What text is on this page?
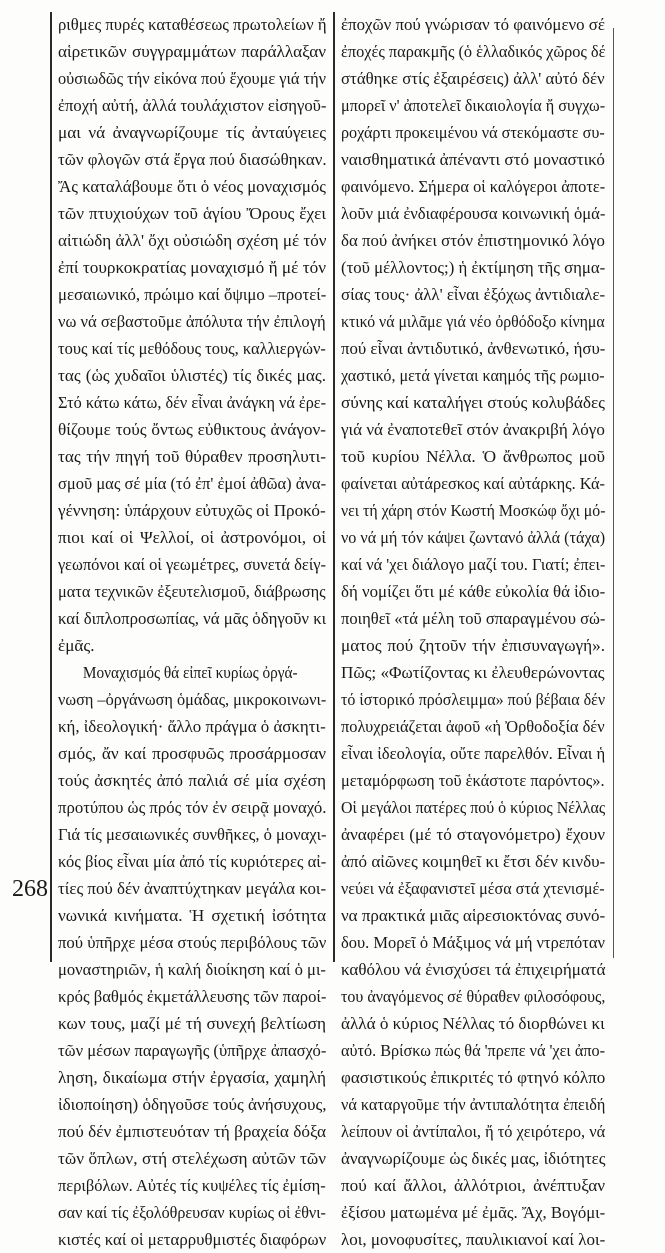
268
ριθμες πυρές καταθέσεως πρωτολείων ἤ
αἱρετικῶν συγγραμμάτων παράλλαξαν
οὐσιωδῶς τήν εἰκόνα πού ἔχουμε γιά τήν
ἐποχή αὐτή, ἀλλά τουλάχιστον εἰσηγοῦ-
μαι νά ἀναγνωρίζουμε τίς ἀνταύγειες
τῶν φλογῶν στά ἔργα πού διασώθηκαν.
Ἄς καταλάβουμε ὅτι ὁ νέος μοναχισμός
τῶν πτυχιούχων τοῦ ἁγίου Ὄρους ἔχει
αἰτιώδη ἀλλ' ὄχι οὐσιώδη σχέση μέ τόν
ἐπί τουρκοκρατίας μοναχισμό ἤ μέ τόν
μεσαιωνικό, πρώιμο καί ὄψιμο –προτεί-
νω νά σεβαστοῦμε ἀπόλυτα τήν ἐπιλογή
τους καί τίς μεθόδους τους, καλλιεργών-
τας (ὡς χυδαῖοι ὑλιστές) τίς δικές μας.
Στό κάτω κάτω, δέν εἶναι ἀνάγκη νά ἐρε-
θίζουμε τούς ὄντως εὐθικτους ἀνάγον-
τας τήν πηγή τοῦ θύραθεν προσηλυτι-
σμοῦ μας σέ μία (τό ἐπ' ἐμοί ἀθῶα) ἀνα-
γέννηση: ὑπάρχουν εὐτυχῶς οἱ Προκό-
πιοι καί οἱ Ψελλοί, οἱ ἀστρονόμοι, οἱ
γεωπόνοι καί οἱ γεωμέτρες, συνετά δείγ-
ματα τεχνικῶν ἐξευτελισμοῦ, διάβρωσης
καί διπλοπροσωπίας, νά μᾶς ὁδηγοῦν κι
ἐμᾶς.
Μοναχισμός θά εἰπεῖ κυρίως ὀργά-
νωση –ὀργάνωση ὁμάδας, μικροκοινωνι-
κή, ἰδεολογική· ἄλλο πράγμα ὁ ἀσκητι-
σμός, ἄν καί προσφυῶς προσάρμοσαν
τούς ἀσκητές ἀπό παλιά σέ μία σχέση
προτύπου ὡς πρός τόν ἐν σειρᾷ μοναχό.
Γιά τίς μεσαιωνικές συνθῆκες, ὁ μοναχι-
κός βίος εἶναι μία ἀπό τίς κυριότερες αἰ-
τίες πού δέν ἀναπτύχτηκαν μεγάλα κοι-
νωνικά κινήματα. Ἡ σχετική ἰσότητα
πού ὑπῆρχε μέσα στούς περιβόλους τῶν
μοναστηριῶν, ἡ καλή διοίκηση καί ὁ μι-
κρός βαθμός ἐκμετάλλευσης τῶν παροί-
κων τους, μαζί μέ τή συνεχή βελτίωση
τῶν μέσων παραγωγῆς (ὑπῆρχε ἀπασχό-
ληση, δικαίωμα στήν ἐργασία, χαμηλή
ἰδιοποίηση) ὁδηγοῦσε τούς ἀνήσυχους,
πού δέν ἐμπιστευόταν τή βραχεία δόξα
τῶν ὅπλων, στή στελέχωση αὐτῶν τῶν
περιβόλων. Αὐτές τίς κυψέλες τίς ἐμίση-
σαν καί τίς ἐξολόθρευσαν κυρίως οἱ ἐθνι-
κιστές καί οἱ μεταρρυθμιστές διαφόρων
ἐποχῶν πού γνώρισαν τό φαινόμενο σέ
ἐποχές παρακμῆς (ὁ ἑλλαδικός χῶρος δέ
στάθηκε στίς ἐξαιρέσεις) ἀλλ' αὐτό δέν
μπορεῖ ν' ἀποτελεῖ δικαιολογία ἤ συγχω-
ροχάρτι προκειμένου νά στεκόμαστε συ-
ναισθηματικά ἀπέναντι στό μοναστικό
φαινόμενο. Σήμερα οἱ καλόγεροι ἀποτε-
λοῦν μιά ἐνδιαφέρουσα κοινωνική ὁμά-
δα πού ἀνήκει στόν ἐπιστημονικό λόγο
(τοῦ μέλλοντος;) ἡ ἐκτίμηση τῆς σημα-
σίας τους· ἀλλ' εἶναι ἐξόχως ἀντιδιαλε-
κτικό νά μιλᾶμε γιά νέο ὀρθόδοξο κίνημα
πού εἶναι ἀντιδυτικό, ἀνθενωτικό, ἡσυ-
χαστικό, μετά γίνεται καημός τῆς ρωμιο-
σύνης καί καταλήγει στούς κολυβάδες
γιά νά ἐναποτεθεῖ στόν ἀνακριβή λόγο
τοῦ κυρίου Νέλλα. Ὁ ἄνθρωπος μοῦ
φαίνεται αὐτάρεσκος καί αὐτάρκης. Κά-
νει τή χάρη στόν Κωστή Μοσκώφ ὄχι μό-
νο νά μή τόν κάψει ζωντανό ἀλλά (τάχα)
καί νά 'χει διάλογο μαζί του. Γιατί; ἐπει-
δή νομίζει ὅτι μέ κάθε εὐκολία θά ἰδιο-
ποιηθεῖ «τά μέλη τοῦ σπαραγμένου σώ-
ματος πού ζητοῦν τήν ἐπισυναγωγή».
Πῶς; «Φωτίζοντας κι ἐλευθερώνοντας
τό ἱστορικό πρόσλειμμα» πού βέβαια δέν
πολυχρειάζεται ἀφοῦ «ἡ Ὀρθοδοξία δέν
εἶναι ἰδεολογία, οὔτε παρελθόν. Εἶναι ἡ
μεταμόρφωση τοῦ ἑκάστοτε παρόντος».
Οἱ μεγάλοι πατέρες πού ὁ κύριος Νέλλας
ἀναφέρει (μέ τό σταγονόμετρο) ἔχουν
ἀπό αἰῶνες κοιμηθεῖ κι ἔτσι δέν κινδυ-
νεύει νά ἐξαφανιστεῖ μέσα στά χτενισμέ-
να πρακτικά μιᾶς αἱρεσιοκτόνας συνό-
δου. Μορεῖ ὁ Μάξιμος νά μή ντρεπόταν
καθόλου νά ἐνισχύσει τά ἐπιχειρήματά
του ἀναγόμενος σέ θύραθεν φιλοσόφους,
ἀλλά ὁ κύριος Νέλλας τό διορθώνει κι
αὐτό. Βρίσκω πώς θά 'πρεπε νά 'χει ἀπο-
φασιστικούς ἐπικριτές τό φτηνό κόλπο
νά καταργοῦμε τήν ἀντιπαλότητα ἐπειδή
λείπουν οἱ ἀντίπαλοι, ἤ τό χειρότερο, νά
ἀναγνωρίζουμε ὡς δικές μας, ἰδιότητες
πού καί ἄλλοι, ἀλλότριοι, ἀνέπτυξαν
ἐξίσου ματωμένα μέ ἐμᾶς. Ἄχ, Βογόμι-
λοι, μονοφυσίτες, παυλικιανοί καί λοι-
